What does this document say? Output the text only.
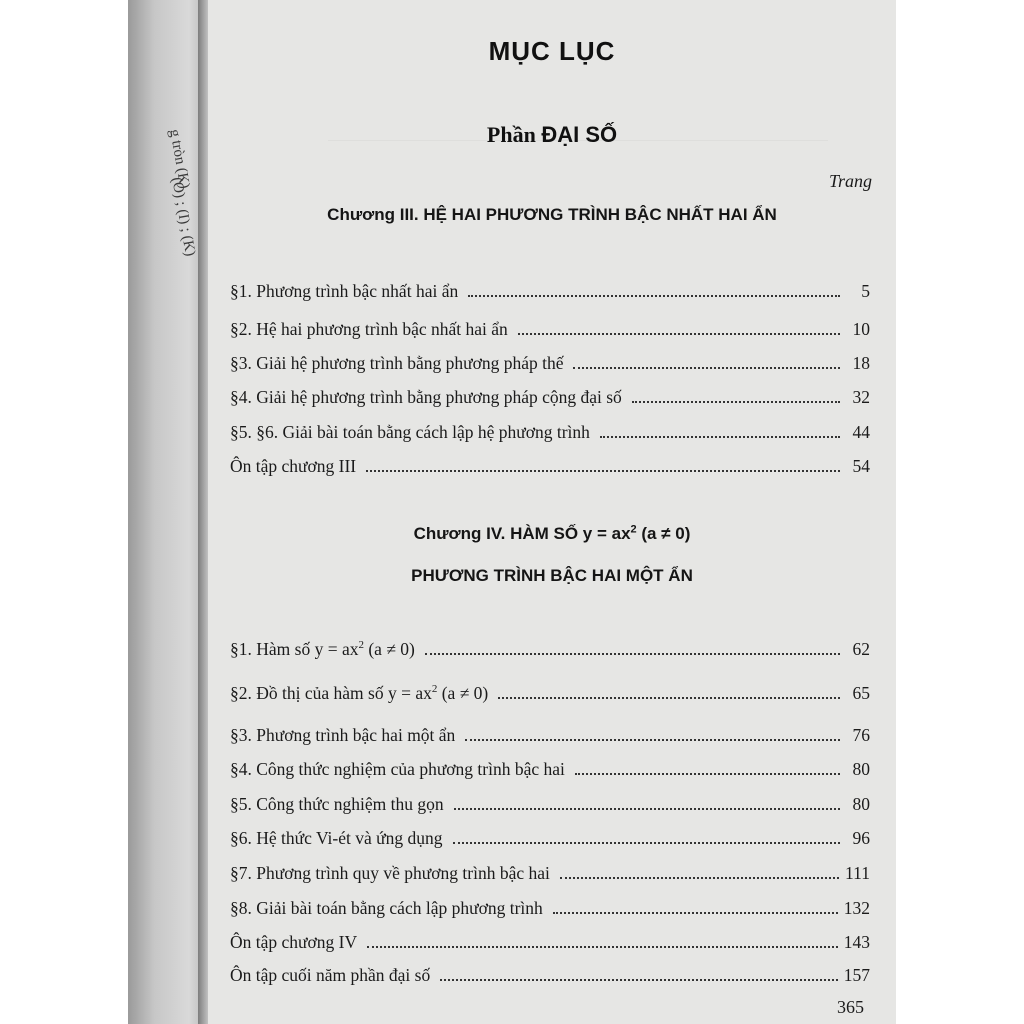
g tròn (K)
(O) ; (I) ; (K)
MỤC LỤC
Phần ĐẠI SỐ
Trang
Chương III. HỆ HAI PHƯƠNG TRÌNH BẬC NHẤT HAI ẨN
§1. Phương trình bậc nhất hai ẩn	5
§2. Hệ hai phương trình bậc nhất hai ẩn	10
§3. Giải hệ phương trình bằng phương pháp thế	18
§4. Giải hệ phương trình bằng phương pháp cộng đại số	32
§5. §6. Giải bài toán bằng cách lập hệ phương trình	44
Ôn tập chương III	54
Chương IV. HÀM SỐ $y = ax^2$ (a ≠ 0)
PHƯƠNG TRÌNH BẬC HAI MỘT ẨN
§1. Hàm số $y = ax^2$ (a ≠ 0)	62
§2. Đồ thị của hàm số $y = ax^2$ (a ≠ 0)	65
§3. Phương trình bậc hai một ẩn	76
§4. Công thức nghiệm của phương trình bậc hai	80
§5. Công thức nghiệm thu gọn	80
§6. Hệ thức Vi-ét và ứng dụng	96
§7. Phương trình quy về phương trình bậc hai	111
§8. Giải bài toán bằng cách lập phương trình	132
Ôn tập chương IV	143
Ôn tập cuối năm phần đại số	157
365
